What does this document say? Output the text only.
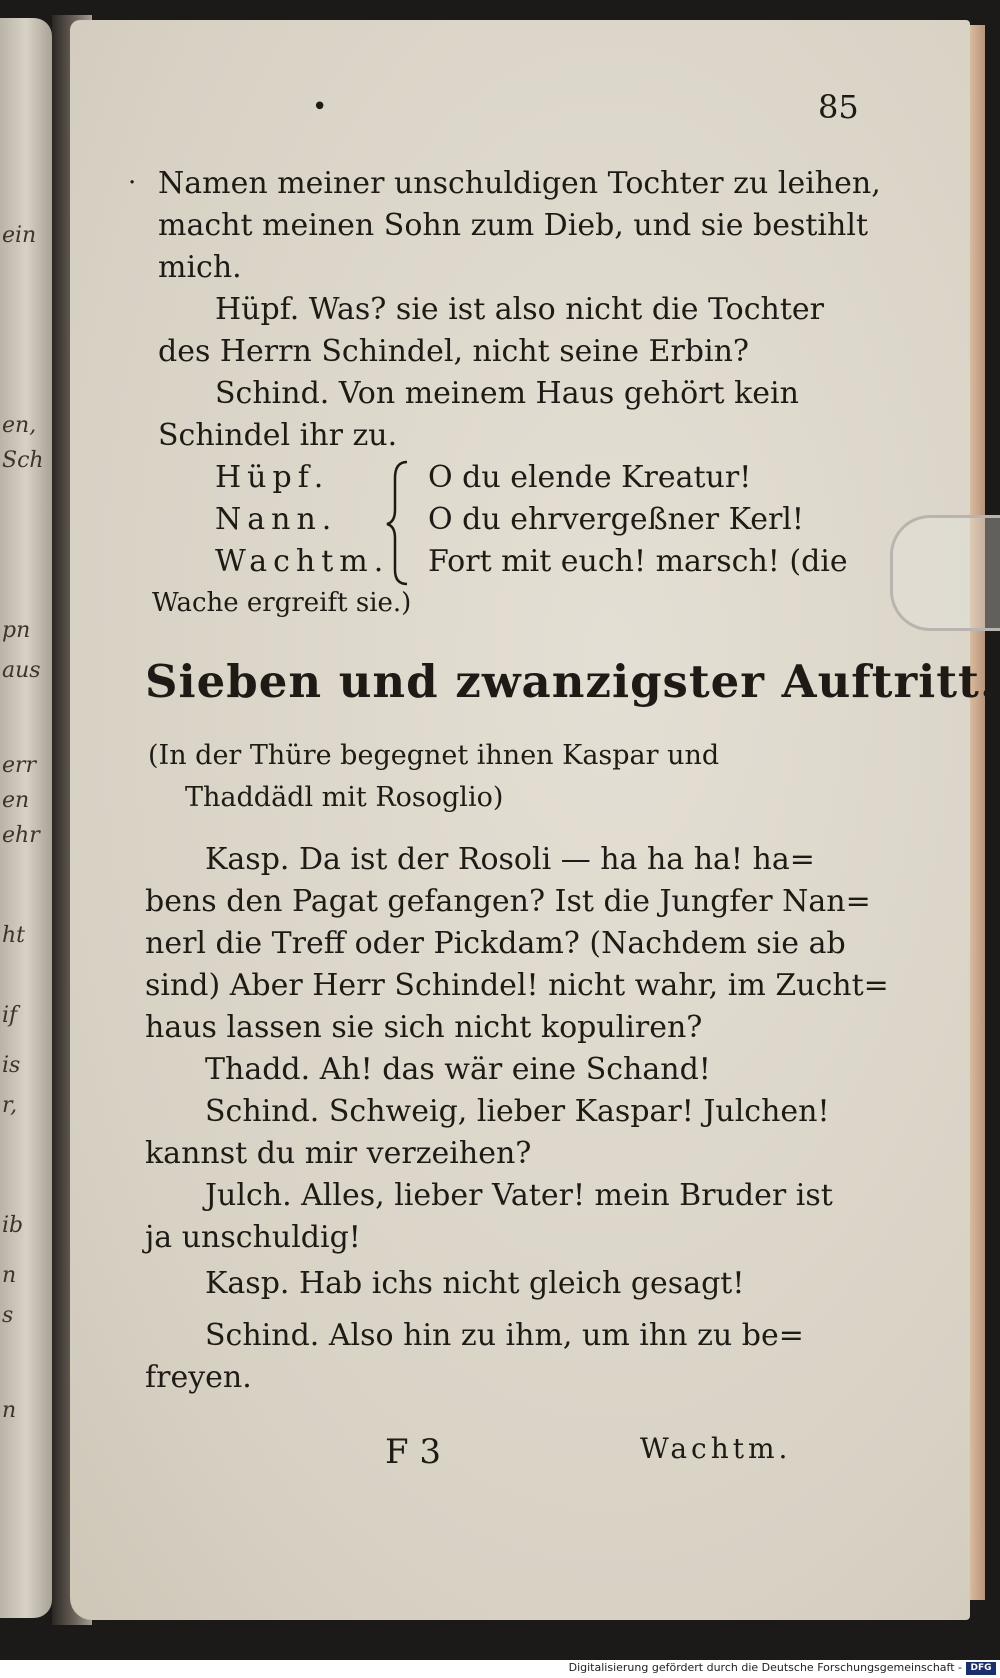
ein
en,
Sch
pn
aus
err
en
ehr
ht
if
is
r,
ib
n
s
n
•	85
· Namen meiner unschuldigen Tochter zu leihen,
macht meinen Sohn zum Dieb, und sie bestihlt
mich.
Hüpf. Was? sie ist also nicht die Tochter
des Herrn Schindel, nicht seine Erbin?
Schind. Von meinem Haus gehört kein
Schindel ihr zu.
Hüpf.
Nann.
Wachtm.
O du elende Kreatur!
O du ehrvergeßner Kerl!
Fort mit euch! marsch! (die
Wache ergreift sie.)
Sieben und zwanzigster Auftritt.
(In der Thüre begegnet ihnen Kaspar und
Thaddädl mit Rosoglio)
Kasp. Da ist der Rosoli — ha ha ha! ha=
bens den Pagat gefangen? Ist die Jungfer Nan=
nerl die Treff oder Pickdam? (Nachdem sie ab
sind) Aber Herr Schindel! nicht wahr, im Zucht=
haus lassen sie sich nicht kopuliren?
Thadd. Ah! das wär eine Schand!
Schind. Schweig, lieber Kaspar! Julchen!
kannst du mir verzeihen?
Julch. Alles, lieber Vater! mein Bruder ist
ja unschuldig!
Kasp. Hab ichs nicht gleich gesagt!
Schind. Also hin zu ihm, um ihn zu be=
freyen.
F 3	Wachtm.
Digitalisierung gefördert durch die Deutsche Forschungsgemeinschaft - DFG
